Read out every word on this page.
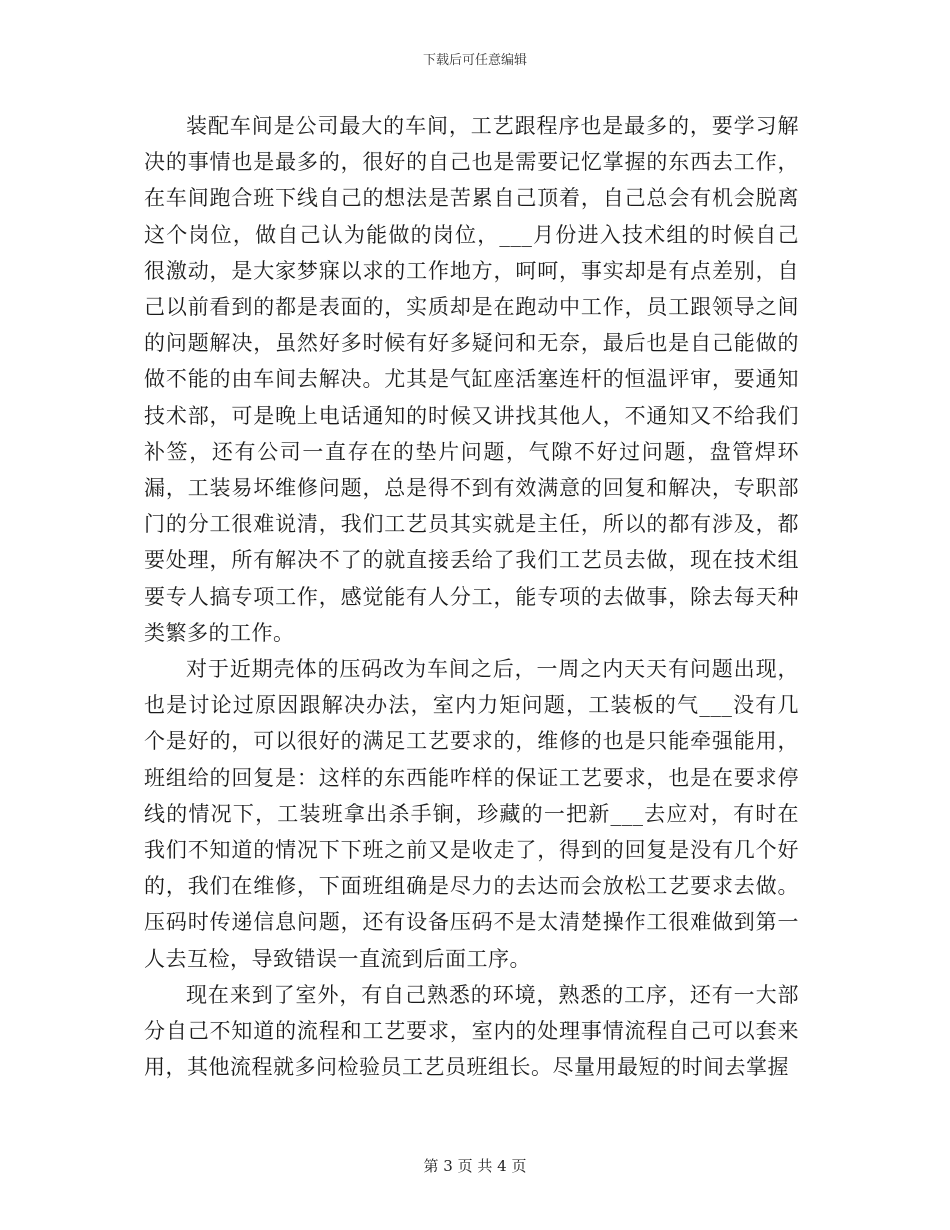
下载后可任意编辑

装配车间是公司最大的车间，工艺跟程序也是最多的，要学习解决的事情也是最多的，很好的自己也是需要记忆掌握的东西去工作，在车间跑合班下线自己的想法是苦累自己顶着，自己总会有机会脱离这个岗位，做自己认为能做的岗位，___月份进入技术组的时候自己很激动，是大家梦寐以求的工作地方，呵呵，事实却是有点差别，自己以前看到的都是表面的，实质却是在跑动中工作，员工跟领导之间的问题解决，虽然好多时候有好多疑问和无奈，最后也是自己能做的做不能的由车间去解决。尤其是气缸座活塞连杆的恒温评审，要通知技术部，可是晚上电话通知的时候又讲找其他人，不通知又不给我们补签，还有公司一直存在的垫片问题，气隙不好过问题，盘管焊环漏，工装易坏维修问题，总是得不到有效满意的回复和解决，专职部门的分工很难说清，我们工艺员其实就是主任，所以的都有涉及，都要处理，所有解决不了的就直接丢给了我们工艺员去做，现在技术组要专人搞专项工作，感觉能有人分工，能专项的去做事，除去每天种类繁多的工作。

对于近期壳体的压码改为车间之后，一周之内天天有问题出现，也是讨论过原因跟解决办法，室内力矩问题，工装板的气___没有几个是好的，可以很好的满足工艺要求的，维修的也是只能牵强能用，班组给的回复是：这样的东西能咋样的保证工艺要求，也是在要求停线的情况下，工装班拿出杀手锏，珍藏的一把新___去应对，有时在我们不知道的情况下下班之前又是收走了，得到的回复是没有几个好的，我们在维修，下面班组确是尽力的去达而会放松工艺要求去做。压码时传递信息问题，还有设备压码不是太清楚操作工很难做到第一人去互检，导致错误一直流到后面工序。

现在来到了室外，有自己熟悉的环境，熟悉的工序，还有一大部分自己不知道的流程和工艺要求，室内的处理事情流程自己可以套来用，其他流程就多问检验员工艺员班组长。尽量用最短的时间去掌握

第 3 页 共 4 页
